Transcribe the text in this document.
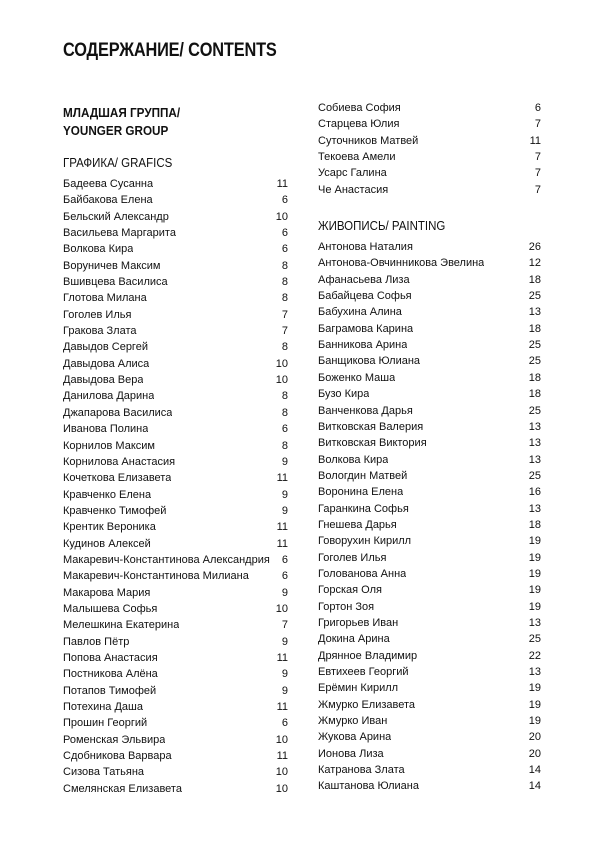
СОДЕРЖАНИЕ/ CONTENTS
МЛАДШАЯ ГРУППА/
YOUNGER GROUP
ГРАФИКА/ GRAFICS
Бадеева Сусанна	11
Байбакова Елена	6
Бельский Александр	10
Васильева Маргарита	6
Волкова Кира	6
Воруничев Максим	8
Вшивцева Василиса	8
Глотова Милана	8
Гоголев Илья	7
Гракова Злата	7
Давыдов Сергей	8
Давыдова Алиса	10
Давыдова Вера	10
Данилова Дарина	8
Джапарова Василиса	8
Иванова Полина	6
Корнилов Максим	8
Корнилова Анастасия	9
Кочеткова Елизавета	11
Кравченко Елена	9
Кравченко Тимофей	9
Крентик Вероника	11
Кудинов Алексей	11
Макаревич-Константинова Александрия 6
Макаревич-Константинова Милиана	6
Макарова Мария	9
Малышева Софья	10
Мелешкина Екатерина	7
Павлов Пётр	9
Попова Анастасия	11
Постникова Алёна	9
Потапов Тимофей	9
Потехина Даша	11
Прошин Георгий	6
Роменская Эльвира	10
Сдобникова Варвара	11
Сизова Татьяна	10
Смелянская Елизавета	10
Собиева София	6
Старцева Юлия	7
Суточников Матвей	11
Текоева Амели	7
Усарс Галина	7
Че Анастасия	7
ЖИВОПИСЬ/ PAINTING
Антонова Наталия	26
Антонова-Овчинникова Эвелина	12
Афанасьева Лиза	18
Бабайцева Софья	25
Бабухина Алина	13
Баграмова Карина	18
Банникова Арина	25
Банщикова Юлиана	25
Боженко Маша	18
Бузо Кира	18
Ванченкова Дарья	25
Витковская Валерия	13
Витковская Виктория	13
Волкова Кира	13
Вологдин Матвей	25
Воронина Елена	16
Гаранкина Софья	13
Гнешева Дарья	18
Говорухин Кирилл	19
Гоголев Илья	19
Голованова Анна	19
Горская Оля	19
Гортон Зоя	19
Григорьев Иван	13
Докина Арина	25
Дрянное Владимир	22
Евтихеев Георгий	13
Ерёмин Кирилл	19
Жмурко Елизавета	19
Жмурко Иван	19
Жукова Арина	20
Ионова Лиза	20
Катранова Злата	14
Каштанова Юлиана	14
